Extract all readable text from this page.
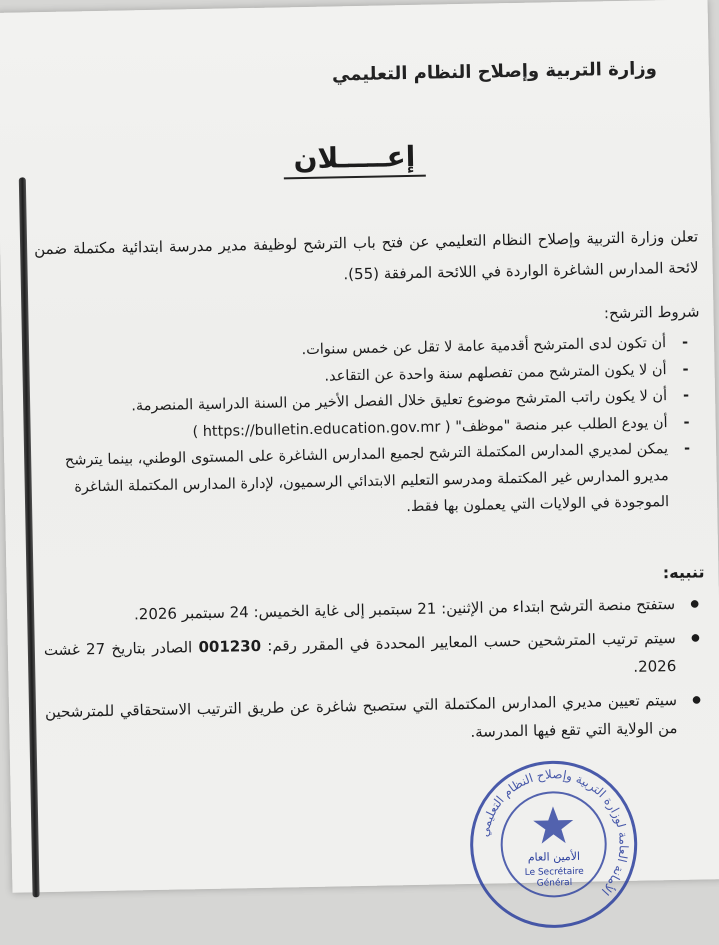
وزارة التربية وإصلاح النظام التعليمي
إعـــــلان
تعلن وزارة التربية وإصلاح النظام التعليمي عن فتح باب الترشح لوظيفة مدير مدرسة ابتدائية مكتملة ضمن لائحة المدارس الشاغرة الواردة في اللائحة المرفقة (55).
شروط الترشح:
- أن تكون لدى المترشح أقدمية عامة لا تقل عن خمس سنوات.
- أن لا يكون المترشح ممن تفصلهم سنة واحدة عن التقاعد.
- أن لا يكون راتب المترشح موضوع تعليق خلال الفصل الأخير من السنة الدراسية المنصرمة.
- أن يودع الطلب عبر منصة "موظف" ( https://bulletin.education.gov.mr )
- يمكن لمديري المدارس المكتملة الترشح لجميع المدارس الشاغرة على المستوى الوطني، بينما يترشح مديرو المدارس غير المكتملة ومدرسو التعليم الابتدائي الرسميون، لإدارة المدارس المكتملة الشاغرة الموجودة في الولايات التي يعملون بها فقط.
تنبيه:
● ستفتح منصة الترشح ابتداء من الإثنين: 21 سبتمبر إلى غاية الخميس: 24 سبتمبر 2026.
● سيتم ترتيب المترشحين حسب المعايير المحددة في المقرر رقم: 001230 الصادر بتاريخ 27 غشت 2026.
● سيتم تعيين مديري المدارس المكتملة التي ستصبح شاغرة عن طريق الترتيب الاستحقاقي للمترشحين من الولاية التي تقع فيها المدرسة.
الأمانة العامة لوزارة التربية وإصلاح النظام التعليمي
الأمين العام
Le Secrétaire
Général
